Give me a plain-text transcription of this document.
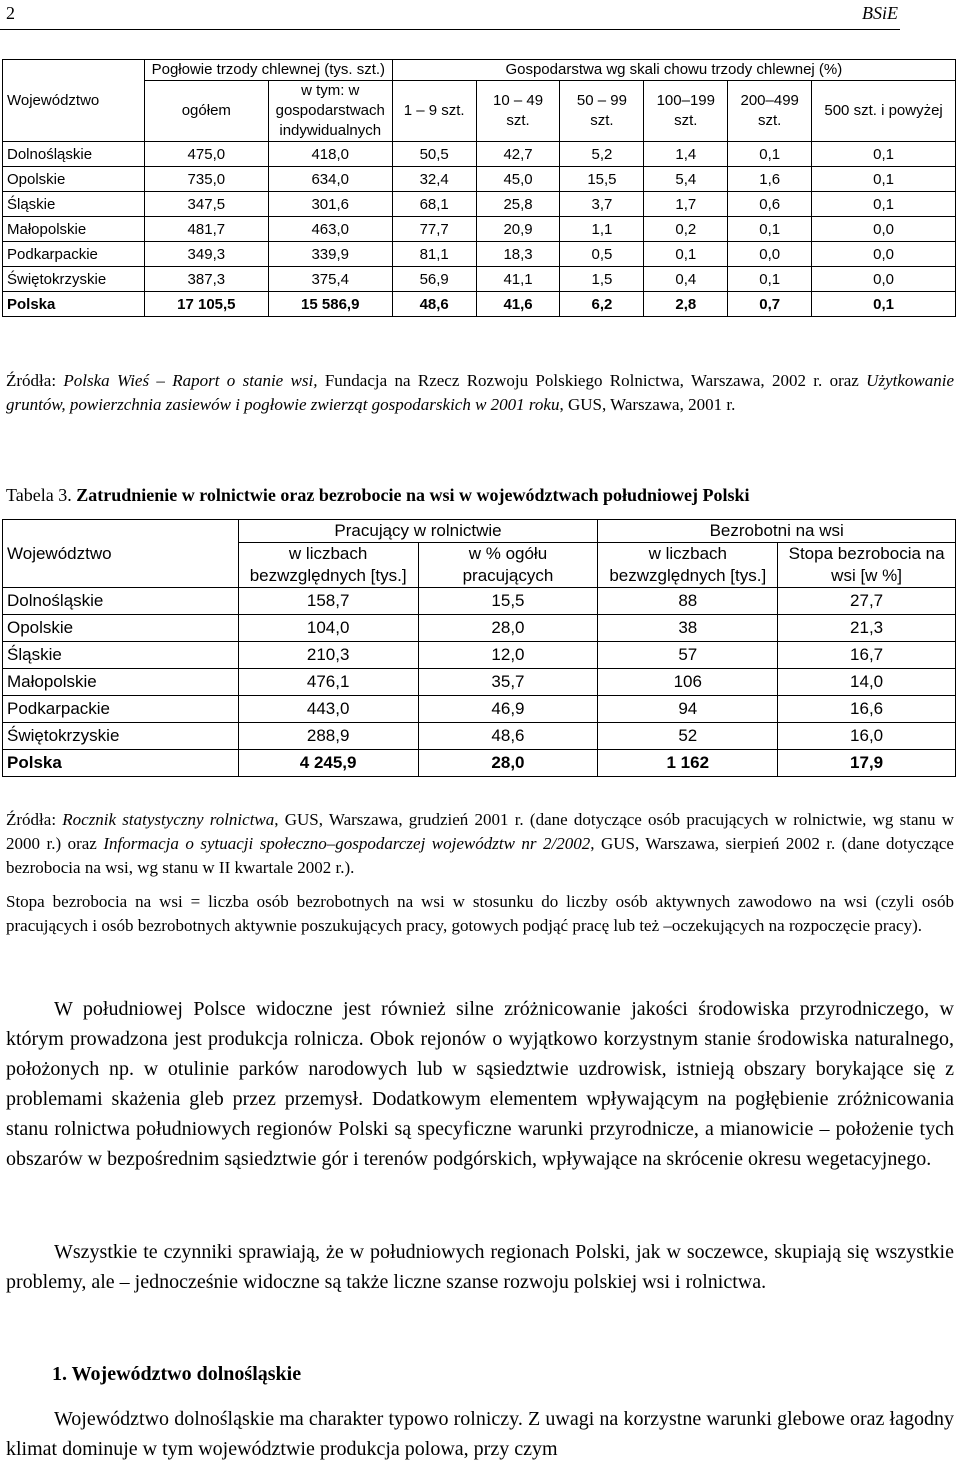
2	BSiE
Województwo	Pogłowie trzody chlewnej (tys. szt.)		Gospodarstwa wg skali chowu trzody chlewnej (%)					
	ogółem	w tym: w gospodarstwach indywidualnych	1 – 9 szt.	10 – 49 szt.	50 – 99 szt.	100–199 szt.	200–499 szt.	500 szt. i powyżej
Dolnośląskie	475,0	418,0	50,5	42,7	5,2	1,4	0,1	0,1
Opolskie	735,0	634,0	32,4	45,0	15,5	5,4	1,6	0,1
Śląskie	347,5	301,6	68,1	25,8	3,7	1,7	0,6	0,1
Małopolskie	481,7	463,0	77,7	20,9	1,1	0,2	0,1	0,0
Podkarpackie	349,3	339,9	81,1	18,3	0,5	0,1	0,0	0,0
Świętokrzyskie	387,3	375,4	56,9	41,1	1,5	0,4	0,1	0,0
Polska	17 105,5	15 586,9	48,6	41,6	6,2	2,8	0,7	0,1
Źródła: Polska Wieś – Raport o stanie wsi, Fundacja na Rzecz Rozwoju Polskiego Rolnictwa, Warszawa, 2002 r. oraz Użytkowanie gruntów, powierzchnia zasiewów i pogłowie zwierząt gospodarskich w 2001 roku, GUS, Warszawa, 2001 r.
Tabela 3. Zatrudnienie w rolnictwie oraz bezrobocie na wsi w województwach południowej Polski
Województwo	Pracujący w rolnictwie		Bezrobotni na wsi	
	w liczbach bezwzględnych [tys.]	w % ogółu pracujących	w liczbach bezwzględnych [tys.]	Stopa bezrobocia na wsi [w %]
Dolnośląskie	158,7	15,5	88	27,7
Opolskie	104,0	28,0	38	21,3
Śląskie	210,3	12,0	57	16,7
Małopolskie	476,1	35,7	106	14,0
Podkarpackie	443,0	46,9	94	16,6
Świętokrzyskie	288,9	48,6	52	16,0
Polska	4 245,9	28,0	1 162	17,9
Źródła: Rocznik statystyczny rolnictwa, GUS, Warszawa, grudzień 2001 r. (dane dotyczące osób pracujących w rolnictwie, wg stanu w 2000 r.) oraz Informacja o sytuacji społeczno–gospodarczej województw nr 2/2002, GUS, Warszawa, sierpień 2002 r. (dane dotyczące bezrobocia na wsi, wg stanu w II kwartale 2002 r.).
Stopa bezrobocia na wsi = liczba osób bezrobotnych na wsi w stosunku do liczby osób aktywnych zawodowo na wsi (czyli osób pracujących i osób bezrobotnych aktywnie poszukujących pracy, gotowych podjąć pracę lub też –oczekujących na rozpoczęcie pracy).
W południowej Polsce widoczne jest również silne zróżnicowanie jakości środowiska przyrodniczego, w którym prowadzona jest produkcja rolnicza. Obok rejonów o wyjątkowo korzystnym stanie środowiska naturalnego, położonych np. w otulinie parków narodowych lub w sąsiedztwie uzdrowisk, istnieją obszary borykające się z problemami skażenia gleb przez przemysł. Dodatkowym elementem wpływającym na pogłębienie zróżnicowania stanu rolnictwa południowych regionów Polski są specyficzne warunki przyrodnicze, a mianowicie – położenie tych obszarów w bezpośrednim sąsiedztwie gór i terenów podgórskich, wpływające na skrócenie okresu wegetacyjnego.
Wszystkie te czynniki sprawiają, że w południowych regionach Polski, jak w soczewce, skupiają się wszystkie problemy, ale – jednocześnie widoczne są także liczne szanse rozwoju polskiej wsi i rolnictwa.
1. Województwo dolnośląskie
Województwo dolnośląskie ma charakter typowo rolniczy. Z uwagi na korzystne warunki glebowe oraz łagodny klimat dominuje w tym województwie produkcja polowa, przy czym
